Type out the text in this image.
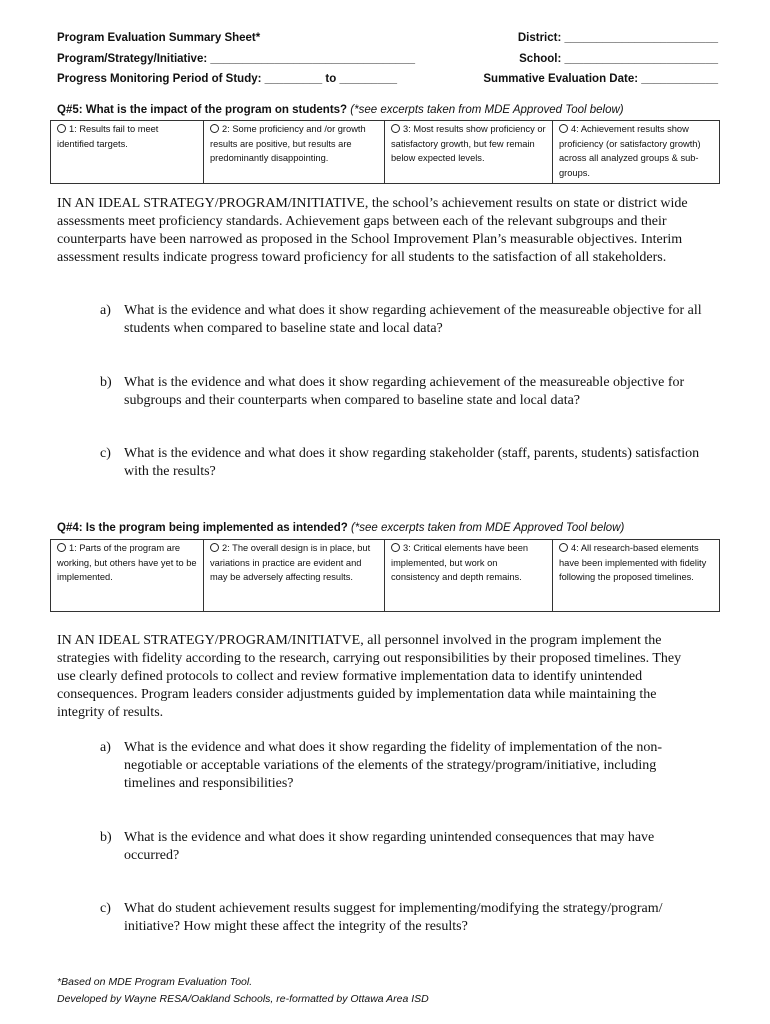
Program Evaluation Summary Sheet*
Program/Strategy/Initiative: ________________________________
Progress Monitoring Period of Study: _________ to _________
District: ________________________
School: ________________________
Summative Evaluation Date: ____________
Q#5: What is the impact of the program on students? (*see excerpts taken from MDE Approved Tool below)
1: Results fail to meet identified targets.	2: Some proficiency and /or growth results are positive, but results are predominantly disappointing.	3: Most results show proficiency or satisfactory growth, but few remain below expected levels.	4: Achievement results show proficiency (or satisfactory growth) across all analyzed groups & sub-groups.

IN AN IDEAL STRATEGY/PROGRAM/INITIATIVE, the school’s achievement results on state or district wide assessments meet proficiency standards. Achievement gaps between each of the relevant subgroups and their counterparts have been narrowed as proposed in the School Improvement Plan’s measurable objectives. Interim assessment results indicate progress toward proficiency for all students to the satisfaction of all stakeholders.

a) What is the evidence and what does it show regarding achievement of the measureable objective for all students when compared to baseline state and local data?
b) What is the evidence and what does it show regarding achievement of the measureable objective for subgroups and their counterparts when compared to baseline state and local data?
c) What is the evidence and what does it show regarding stakeholder (staff, parents, students) satisfaction with the results?
Q#4: Is the program being implemented as intended? (*see excerpts taken from MDE Approved Tool below)
1: Parts of the program are working, but others have yet to be implemented.	2: The overall design is in place, but variations in practice are evident and may be adversely affecting results.	3: Critical elements have been implemented, but work on consistency and depth remains.	4: All research-based elements have been implemented with fidelity following the proposed timelines.

IN AN IDEAL STRATEGY/PROGRAM/INITIATVE, all personnel involved in the program implement the strategies with fidelity according to the research, carrying out responsibilities by their proposed timelines. They use clearly defined protocols to collect and review formative implementation data to identify unintended consequences. Program leaders consider adjustments guided by implementation data while maintaining the integrity of results.

a) What is the evidence and what does it show regarding the fidelity of implementation of the non-negotiable or acceptable variations of the elements of the strategy/program/initiative, including timelines and responsibilities?
b) What is the evidence and what does it show regarding unintended consequences that may have occurred?
c) What do student achievement results suggest for implementing/modifying the strategy/program/ initiative? How might these affect the integrity of the results?
*Based on MDE Program Evaluation Tool.
Developed by Wayne RESA/Oakland Schools, re-formatted by Ottawa Area ISD
